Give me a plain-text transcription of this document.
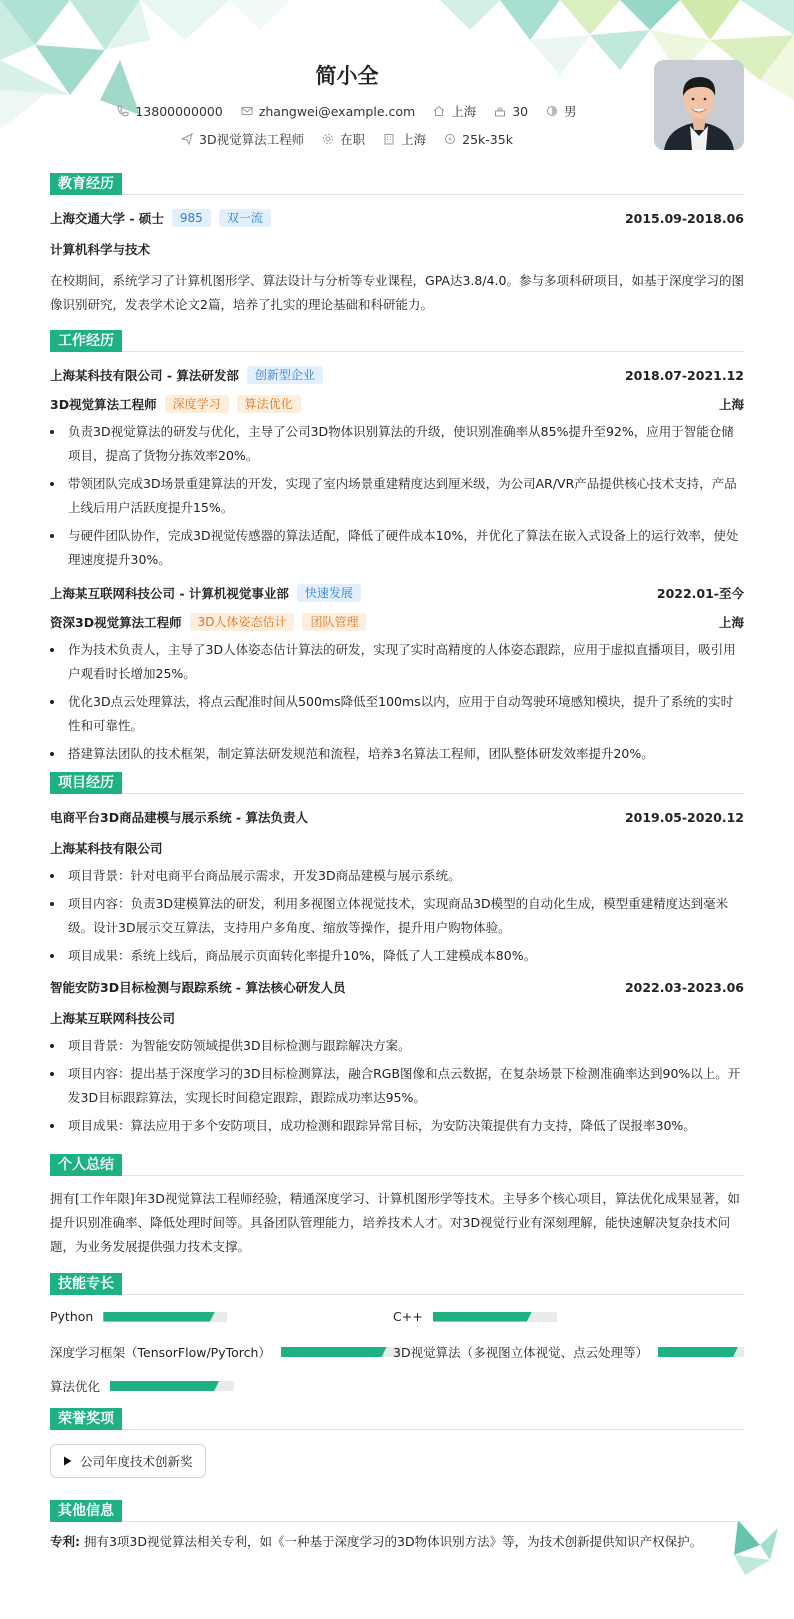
简小全
13800000000	zhangwei@example.com	上海	30	男
3D视觉算法工程师	在职	上海	25k-35k
教育经历
上海交通大学 - 硕士	985	双一流	2015.09-2018.06
计算机科学与技术
在校期间，系统学习了计算机图形学、算法设计与分析等专业课程，GPA达3.8/4.0。参与多项科研项目，如基于深度学习的图像识别研究，发表学术论文2篇，培养了扎实的理论基础和科研能力。
工作经历
上海某科技有限公司 - 算法研发部	创新型企业	2018.07-2021.12
3D视觉算法工程师	深度学习	算法优化	上海
负责3D视觉算法的研发与优化，主导了公司3D物体识别算法的升级，使识别准确率从85%提升至92%，应用于智能仓储项目，提高了货物分拣效率20%。
带领团队完成3D场景重建算法的开发，实现了室内场景重建精度达到厘米级，为公司AR/VR产品提供核心技术支持，产品上线后用户活跃度提升15%。
与硬件团队协作，完成3D视觉传感器的算法适配，降低了硬件成本10%，并优化了算法在嵌入式设备上的运行效率，使处理速度提升30%。
上海某互联网科技公司 - 计算机视觉事业部	快速发展	2022.01-至今
资深3D视觉算法工程师	3D人体姿态估计	团队管理	上海
作为技术负责人，主导了3D人体姿态估计算法的研发，实现了实时高精度的人体姿态跟踪，应用于虚拟直播项目，吸引用户观看时长增加25%。
优化3D点云处理算法，将点云配准时间从500ms降低至100ms以内，应用于自动驾驶环境感知模块，提升了系统的实时性和可靠性。
搭建算法团队的技术框架，制定算法研发规范和流程，培养3名算法工程师，团队整体研发效率提升20%。
项目经历
电商平台3D商品建模与展示系统 - 算法负责人	2019.05-2020.12
上海某科技有限公司
项目背景：针对电商平台商品展示需求，开发3D商品建模与展示系统。
项目内容：负责3D建模算法的研发，利用多视图立体视觉技术，实现商品3D模型的自动化生成，模型重建精度达到毫米级。设计3D展示交互算法，支持用户多角度、缩放等操作，提升用户购物体验。
项目成果：系统上线后，商品展示页面转化率提升10%，降低了人工建模成本80%。
智能安防3D目标检测与跟踪系统 - 算法核心研发人员	2022.03-2023.06
上海某互联网科技公司
项目背景：为智能安防领域提供3D目标检测与跟踪解决方案。
项目内容：提出基于深度学习的3D目标检测算法，融合RGB图像和点云数据，在复杂场景下检测准确率达到90%以上。开发3D目标跟踪算法，实现长时间稳定跟踪，跟踪成功率达95%。
项目成果：算法应用于多个安防项目，成功检测和跟踪异常目标，为安防决策提供有力支持，降低了误报率30%。
个人总结
拥有[工作年限]年3D视觉算法工程师经验，精通深度学习、计算机图形学等技术。主导多个核心项目，算法优化成果显著，如提升识别准确率、降低处理时间等。具备团队管理能力，培养技术人才。对3D视觉行业有深刻理解，能快速解决复杂技术问题，为业务发展提供强力技术支撑。
技能专长
Python	C++
深度学习框架（TensorFlow/PyTorch）	3D视觉算法（多视图立体视觉、点云处理等）
算法优化
荣誉奖项
公司年度技术创新奖
其他信息
专利: 拥有3项3D视觉算法相关专利，如《一种基于深度学习的3D物体识别方法》等，为技术创新提供知识产权保护。
